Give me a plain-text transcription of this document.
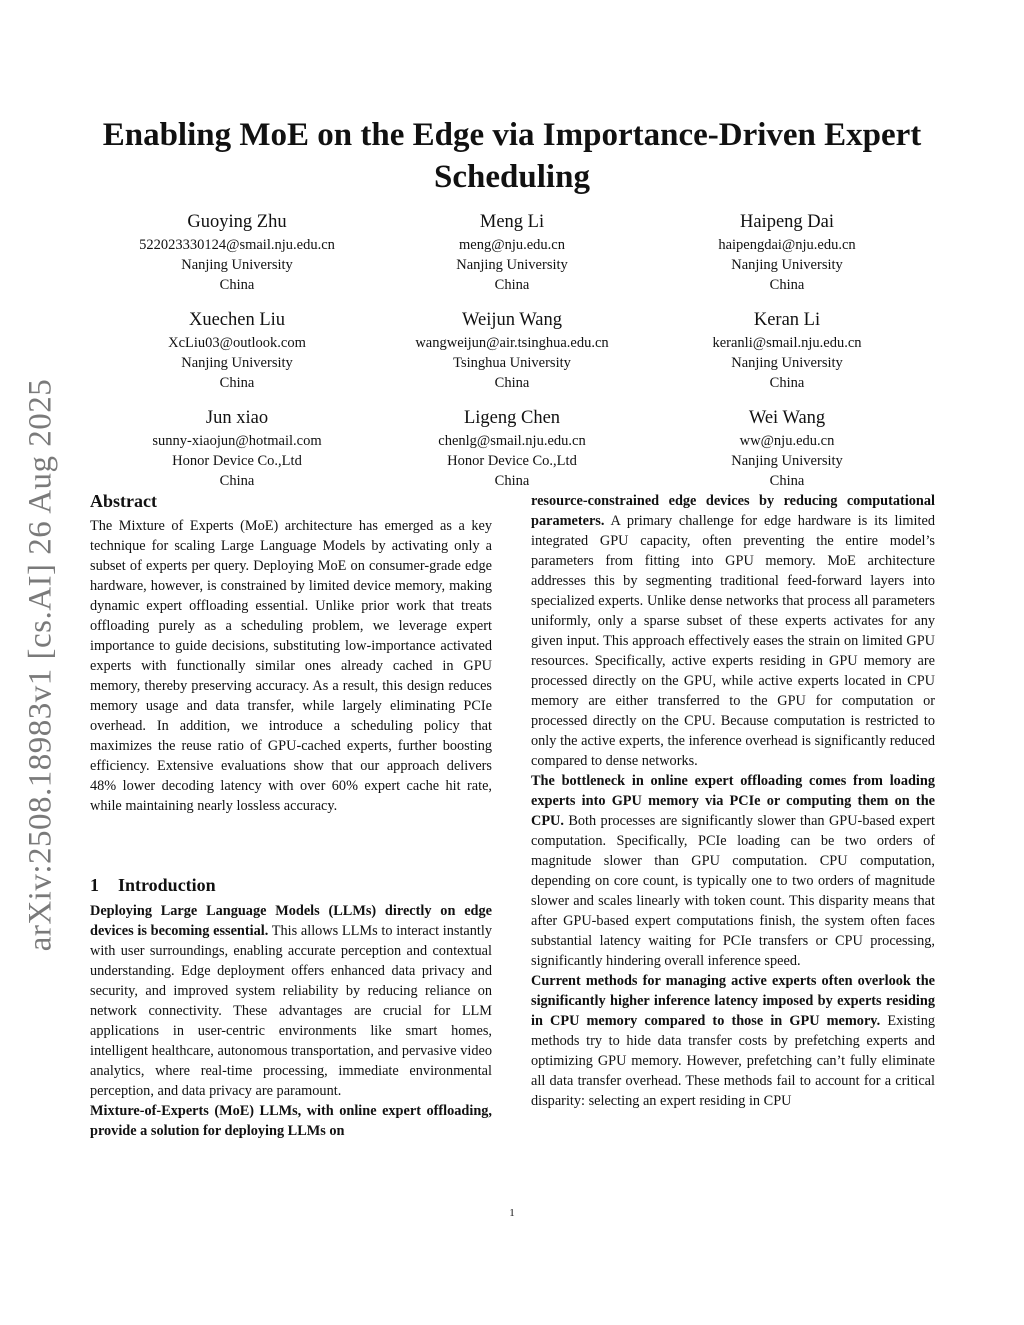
arXiv:2508.18983v1 [cs.AI] 26 Aug 2025
Enabling MoE on the Edge via Importance-Driven Expert Scheduling
Guoying Zhu
522023330124@smail.nju.edu.cn
Nanjing University
China
Meng Li
meng@nju.edu.cn
Nanjing University
China
Haipeng Dai
haipengdai@nju.edu.cn
Nanjing University
China
Xuechen Liu
XcLiu03@outlook.com
Nanjing University
China
Weijun Wang
wangweijun@air.tsinghua.edu.cn
Tsinghua University
China
Keran Li
keranli@smail.nju.edu.cn
Nanjing University
China
Jun xiao
sunny-xiaojun@hotmail.com
Honor Device Co.,Ltd
China
Ligeng Chen
chenlg@smail.nju.edu.cn
Honor Device Co.,Ltd
China
Wei Wang
ww@nju.edu.cn
Nanjing University
China
Abstract

The Mixture of Experts (MoE) architecture has emerged as a key technique for scaling Large Language Models by activating only a subset of experts per query. Deploying MoE on consumer-grade edge hardware, however, is constrained by limited device memory, making dynamic expert offloading essential. Unlike prior work that treats offloading purely as a scheduling problem, we leverage expert importance to guide decisions, substituting low-importance activated experts with functionally similar ones already cached in GPU memory, thereby preserving accuracy. As a result, this design reduces memory usage and data transfer, while largely eliminating PCIe overhead. In addition, we introduce a scheduling policy that maximizes the reuse ratio of GPU-cached experts, further boosting efficiency. Extensive evaluations show that our approach delivers 48% lower decoding latency with over 60% expert cache hit rate, while maintaining nearly lossless accuracy.

1 Introduction

Deploying Large Language Models (LLMs) directly on edge devices is becoming essential. This allows LLMs to interact instantly with user surroundings, enabling accurate perception and contextual understanding. Edge deployment offers enhanced data privacy and security, and improved system reliability by reducing reliance on network connectivity. These advantages are crucial for LLM applications in user-centric environments like smart homes, intelligent healthcare, autonomous transportation, and pervasive video analytics, where real-time processing, immediate environmental perception, and data privacy are paramount.

Mixture-of-Experts (MoE) LLMs, with online expert offloading, provide a solution for deploying LLMs on

resource-constrained edge devices by reducing computational parameters. A primary challenge for edge hardware is its limited integrated GPU capacity, often preventing the entire model’s parameters from fitting into GPU memory. MoE architecture addresses this by segmenting traditional feed-forward layers into specialized experts. Unlike dense networks that process all parameters uniformly, only a sparse subset of these experts activates for any given input. This approach effectively eases the strain on limited GPU resources. Specifically, active experts residing in GPU memory are processed directly on the GPU, while active experts located in CPU memory are either transferred to the GPU for computation or processed directly on the CPU. Because computation is restricted to only the active experts, the inference overhead is significantly reduced compared to dense networks.

The bottleneck in online expert offloading comes from loading experts into GPU memory via PCIe or computing them on the CPU. Both processes are significantly slower than GPU-based expert computation. Specifically, PCIe loading can be two orders of magnitude slower than GPU computation. CPU computation, depending on core count, is typically one to two orders of magnitude slower and scales linearly with token count. This disparity means that after GPU-based expert computations finish, the system often faces substantial latency waiting for PCIe transfers or CPU processing, significantly hindering overall inference speed.

Current methods for managing active experts often overlook the significantly higher inference latency imposed by experts residing in CPU memory compared to those in GPU memory. Existing methods try to hide data transfer costs by prefetching experts and optimizing GPU memory. However, prefetching can’t fully eliminate all data transfer overhead. These methods fail to account for a critical disparity: selecting an expert residing in CPU

1
